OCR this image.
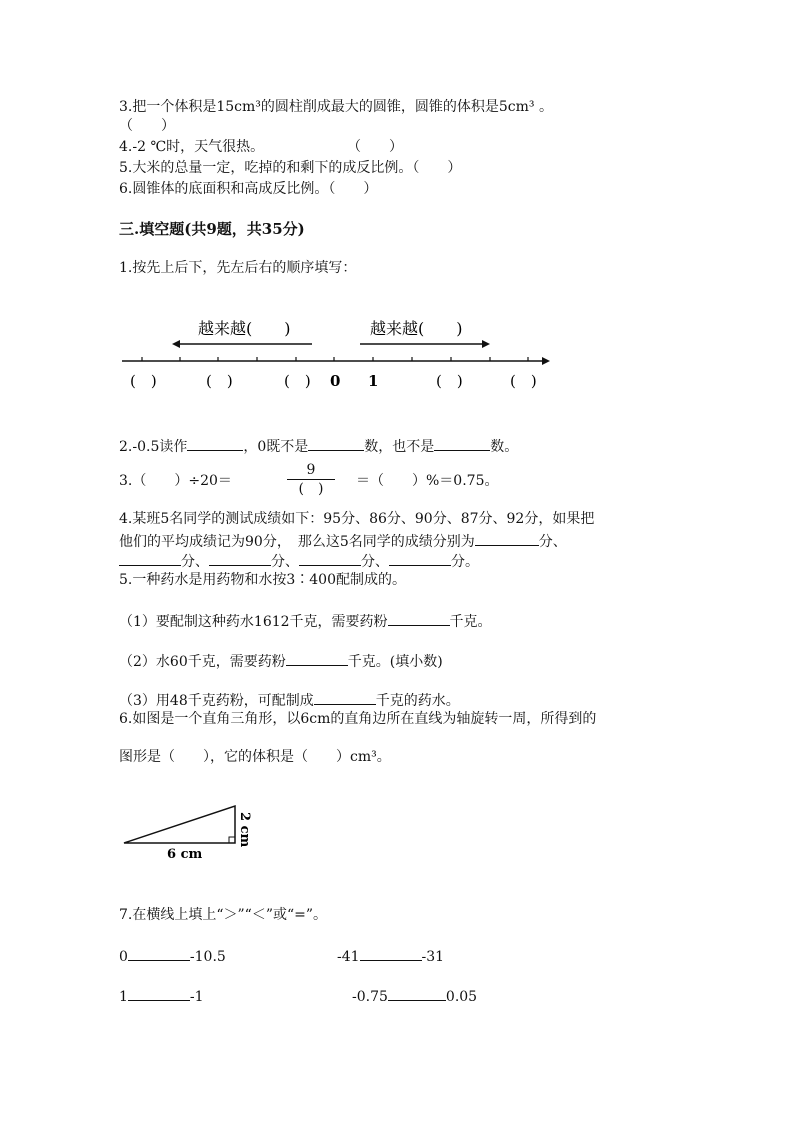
3.把一个体积是15cm³的圆柱削成最大的圆锥，圆锥的体积是5cm³ 。
（　　）
4.-2 ℃时，天气很热。	（　　）
5.大米的总量一定，吃掉的和剩下的成反比例。（　　）
6.圆锥体的底面积和高成反比例。（　　）
三.填空题(共9题，共35分)
1.按先上后下，先左后右的顺序填写：
越来越(　　)	越来越(　　)
(　)	(　)	(　) 0 1	(　)	(　)
2.-0.5读作	，0既不是	数，也不是	数。
3.（　　）÷20＝
9
(　)	＝（　　）%＝0.75。
4.某班5名同学的测试成绩如下：95分、86分、90分、87分、92分，如果把
他们的平均成绩记为90分，　那么这5名同学的成绩分别为	分、
分、	分、	分、	分。
5.一种药水是用药物和水按3∶400配制成的。
（1）要配制这种药水1612千克，需要药粉	千克。
（2）水60千克，需要药粉	千克。(填小数)
（3）用48千克药粉，可配制成	千克的药水。
6.如图是一个直角三角形，以6cm的直角边所在直线为轴旋转一周，所得到的
图形是（　　），它的体积是（　　）cm³。
6 cm
2 cm
7.在横线上填上“＞”“＜”或“=”。
0	-10.5	-41	-31
1	-1	-0.75	0.05
